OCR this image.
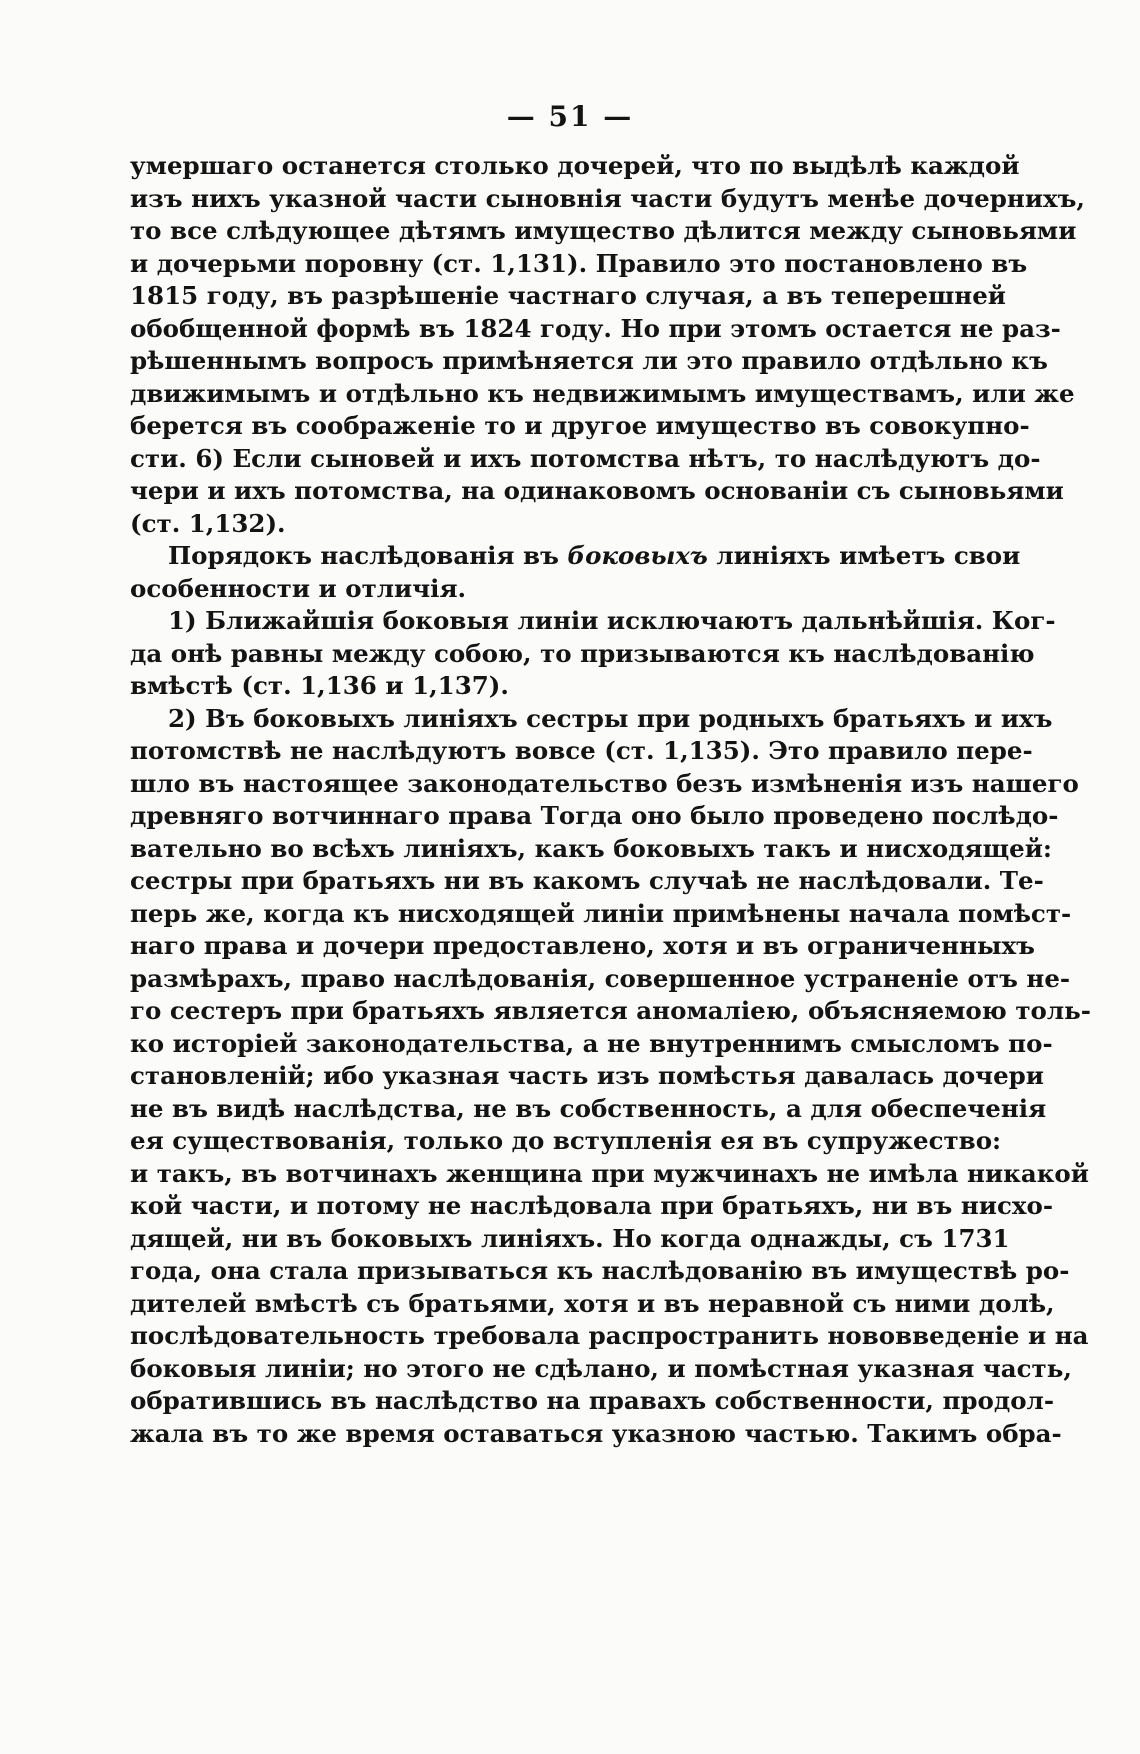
— 51 —
умершаго останется столько дочерей, что по выдѣлѣ каждой
изъ нихъ указной части сыновнія части будутъ менѣе дочернихъ,
то все слѣдующее дѣтямъ имущество дѣлится между сыновьями
и дочерьми поровну (ст. 1,131). Правило это постановлено въ
1815 году, въ разрѣшеніе частнаго случая, а въ теперешней
обобщенной формѣ въ 1824 году. Но при этомъ остается не раз-
рѣшеннымъ вопросъ примѣняется ли это правило отдѣльно къ
движимымъ и отдѣльно къ недвижимымъ имуществамъ, или же
берется въ соображеніе то и другое имущество въ совокупно-
сти. 6) Если сыновей и ихъ потомства нѣтъ, то наслѣдуютъ до-
чери и ихъ потомства, на одинаковомъ основаніи съ сыновьями
(ст. 1,132).
Порядокъ наслѣдованія въ боковыхъ линіяхъ имѣетъ свои
особенности и отличія.
1) Ближайшія боковыя линіи исключаютъ дальнѣйшія. Ког-
да онѣ равны между собою, то призываются къ наслѣдованію
вмѣстѣ (ст. 1,136 и 1,137).
2) Въ боковыхъ линіяхъ сестры при родныхъ братьяхъ и ихъ
потомствѣ не наслѣдуютъ вовсе (ст. 1,135). Это правило пере-
шло въ настоящее законодательство безъ измѣненія изъ нашего
древняго вотчиннаго права Тогда оно было проведено послѣдо-
вательно во всѣхъ линіяхъ, какъ боковыхъ такъ и нисходящей:
сестры при братьяхъ ни въ какомъ случаѣ не наслѣдовали. Те-
перь же, когда къ нисходящей линіи примѣнены начала помѣст-
наго права и дочери предоставлено, хотя и въ ограниченныхъ
размѣрахъ, право наслѣдованія, совершенное устраненіе отъ не-
го сестеръ при братьяхъ является аномаліею, объясняемою толь-
ко исторіей законодательства, а не внутреннимъ смысломъ по-
становленій; ибо указная часть изъ помѣстья давалась дочери
не въ видѣ наслѣдства, не въ собственность, а для обеспеченія
ея существованія, только до вступленія ея въ супружество:
и такъ, въ вотчинахъ женщина при мужчинахъ не имѣла никакой
кой части, и потому не наслѣдовала при братьяхъ, ни въ нисхо-
дящей, ни въ боковыхъ линіяхъ. Но когда однажды, съ 1731
года, она стала призываться къ наслѣдованію въ имуществѣ ро-
дителей вмѣстѣ съ братьями, хотя и въ неравной съ ними долѣ,
послѣдовательность требовала распространить нововведеніе и на
боковыя линіи; но этого не сдѣлано, и помѣстная указная часть,
обратившись въ наслѣдство на правахъ собственности, продол-
жала въ то же время оставаться указною частью. Такимъ обра-
